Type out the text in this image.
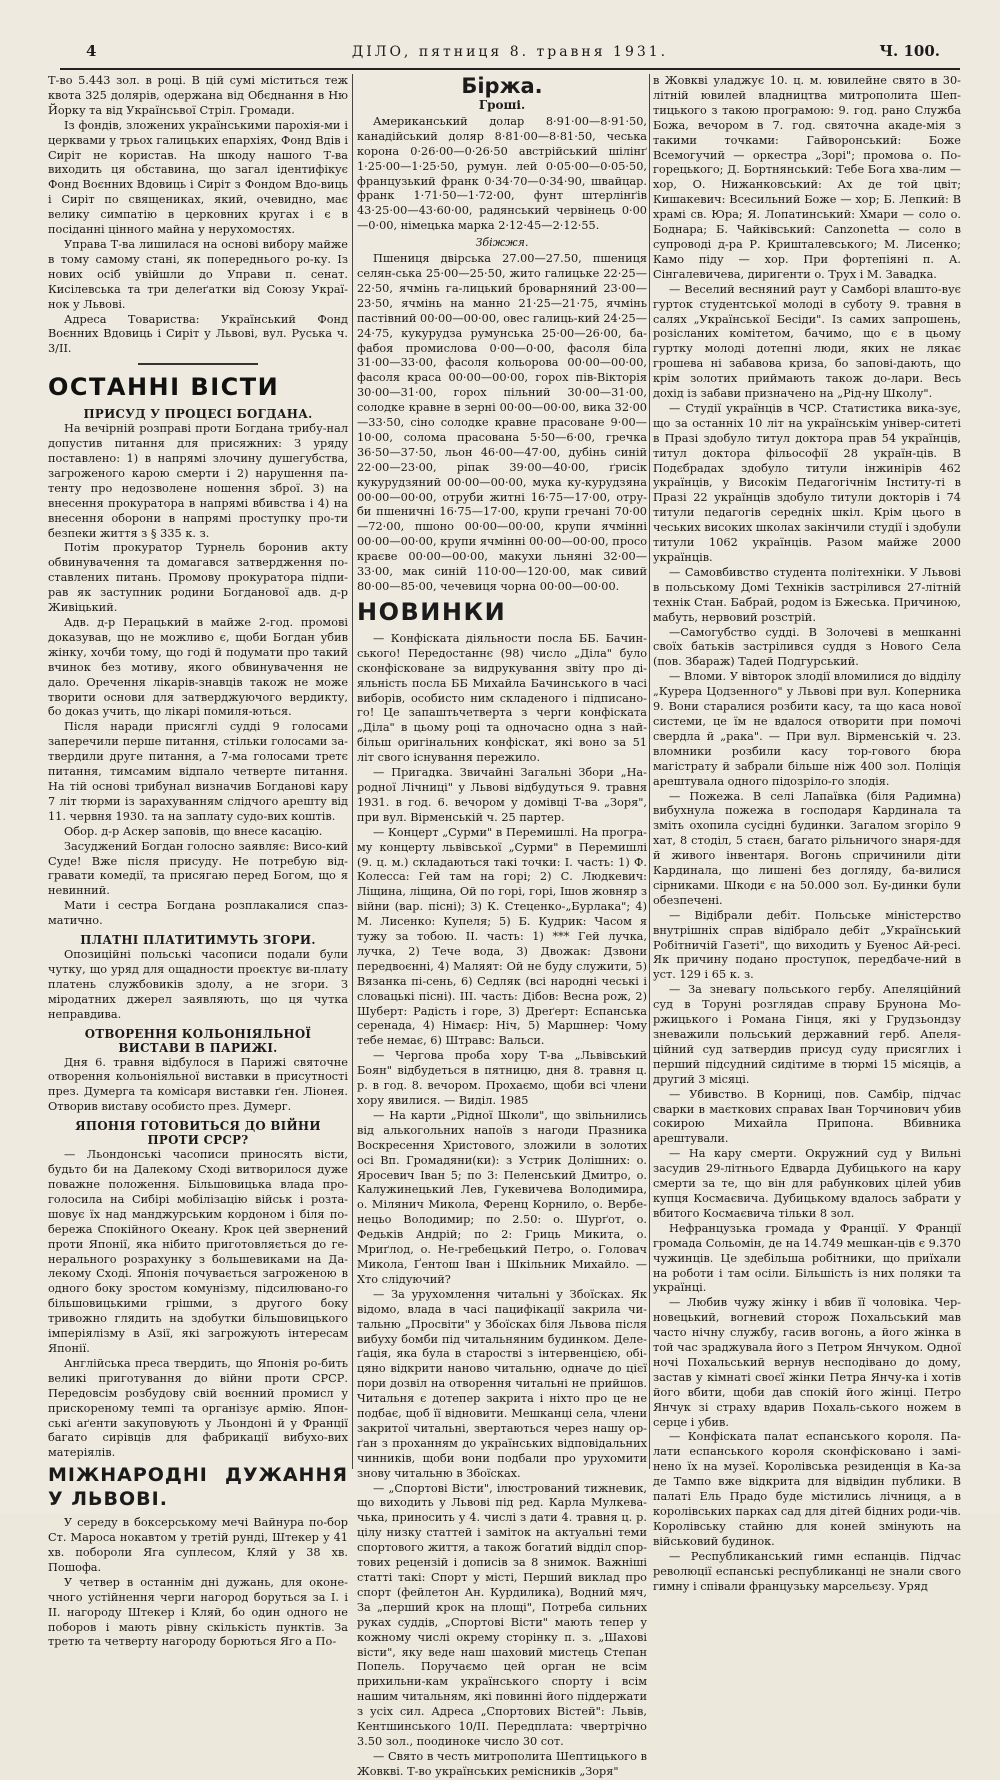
4	ДІЛО, пятниця 8. травня 1931.	Ч. 100.

Т-во 5.443 зол. в році. В цій сумі міститься теж квота 325 долярів, одержана від Обєднання в Ню Йорку та від Українсьвої Стріл. Громади.

Із фондів, зложених українськими парохія-ми і церквами у трьох галицьких епархіях, Фонд Вдів і Сиріт не користав. На шкоду нашого Т-ва виходить ця обставина, що загал ідентифікує Фонд Воєнних Вдовиць і Сиріт з Фондом Вдо-виць і Сиріт по священиках, який, очевидно, має велику симпатію в церковних кругах і є в посіданні цінного майна у нерухомостях.

Управа Т-ва лишилася на основі вибору майже в тому самому стані, як попереднього ро-ку. Із нових осіб увійшли до Управи п. сенат. Кисілевська та три делеґатки від Союзу Украї-нок у Львові.

Адреса Товариства: Український Фонд Воєнних Вдовиць і Сиріт у Львові, вул. Руська ч. 3/II.

ОСТАННІ ВІСТИ
ПРИСУД У ПРОЦЕСІ БОГДАНА.

На вечірній розправі проти Богдана трибу-нал допустив питання для присяжних: З уряду поставлено: 1) в напрямі злочину душегубства, загроженого карою смерти і 2) нарушення па-тенту про недозволене ношення зброї. 3) на внесення прокуратора в напрямі вбивства і 4) на внесення оборони в напрямі проступку про-ти безпеки життя з § 335 к. з.

Потім прокуратор Турнель боронив акту обвинувачення та домагався затвердження по-ставлених питань. Промову прокуратора підпи-рав як заступник родини Богданової адв. д-р Живіцький.

Адв. д-р Перацький в майже 2-год. промові доказував, що не можливо є, щоби Богдан убив жінку, хочби тому, що годі й подумати про такий вчинок без мотиву, якого обвинувачення не дало. Оречення лікарів-знавців також не може творити основи для затверджуючого вердикту, бо доказ учить, що лікарі помиля-ються.

Після наради присяглі судді 9 голосами заперечили перше питання, стільки голосами за-твердили друге питання, а 7-ма голосами третє питання, тимсамим відпало четверте питання. На тій основі трибунал визначив Богданові кару 7 літ тюрми із зарахуванням слідчого арешту від 11. червня 1930. та на заплату судо-вих коштів.

Обор. д-р Аскер заповів, що внесе касацію.

Засуджений Богдан голосно заявляє: Висо-кий Суде! Вже після присуду. Не потребую від-гравати комедії, та присягаю перед Богом, що я невинний.

Мати і сестра Богдана розплакалися спаз-матично.

ПЛАТНІ ПЛАТИТИМУТЬ ЗГОРИ.

Опозиційні польські часописи подали були чутку, що уряд для ощадности проєктує ви-плату платень службовиків здолу, а не згори. З міродатних джерел заявляють, що ця чутка неправдива.

ОТВОРЕННЯ КОЛЬОНІЯЛЬНОЇ ВИСТАВИ В ПАРИЖІ.

Дня 6. травня відбулося в Парижі святочне отворення кольоніяльної виставки в присутності през. Думерга та комісаря виставки ґен. Ліонея. Отворив виставу особисто през. Думерг.

ЯПОНІЯ ГОТОВИТЬСЯ ДО ВІЙНИ ПРОТИ СРСР?

— Льондонські часописи приносять вісти, будьто би на Далекому Сході витворилося дуже поважне положення. Більшовицька влада про-голосила на Сибірі мобілізацію військ і розта-шовує їх над манджурським кордоном і біля по-бережа Спокійного Океану. Крок цей звернений проти Японії, яка нібито приготовляється до ге-нерального розрахунку з большевиками на Да-лекому Сході. Японія почувається загроженою в одного боку зростом комунізму, підсилювано-го більшовицькими грішми, з другого боку тривожно глядить на здобутки більшовицького імперіялізму в Азії, які загрожують інтересам Японії.

Англійська преса твердить, що Японія ро-бить великі приготування до війни проти СРСР. Передовсім розбудову свій воєнний промисл у прискореному темпі та організує армію. Япон-ські аґенти закуповують у Льондоні й у Франції багато сирівців для фабрикації вибухо-вих матеріялів.

МІЖНАРОДНІ ДУЖАННЯ У ЛЬВОВІ.

У середу в боксерському мечі Вайнура по-бор Ст. Мароса нокавтом у третій рунді, Штекер у 41 хв. побороли Яга суплесом, Кляй у 38 хв. Пошофа.

У четвер в останнім дні дужань, для оконе-чного устійнення черги нагород боруться за I. і II. нагороду Штекер і Кляй, бо один одного не поборов і мають рівну скількість пунктів. За третю та четверту нагороду борються Яго а По-

Біржа.
Гроші.

Американський долар 8·91·00—8·91·50, канадійський доляр 8·81·00—8·81·50, чеська корона 0·26·00—0·26·50 австрійський шілінґ 1·25·00—1·25·50, румун. лей 0·05·00—0·05·50, французький франк 0·34·70—0·34·90, швайцар. франк 1·71·50—1·72·00, фунт штерлінґів 43·25·00—43·60·00, радянський червінець 0·00—0·00, німецька марка 2·12·45—2·12·55.

Збіжжя.

Пшениця двірська 27.00—27.50, пшениця селян-ська 25·00—25·50, жито галицьке 22·25—22·50, ячмінь га-лицький броварняний 23·00—23·50, ячмінь на манно 21·25—21·75, ячмінь пастівний 00·00—00·00, овес галиць-кий 24·25—24·75, кукурудза румунська 25·00—26·00, ба-фабоя промислова 0·00—0·00, фасоля біла 31·00—33·00, фасоля кольорова 00·00—00·00, фасоля краса 00·00—00·00, горох пів-Вікторія 30·00—31·00, горох пільний 30·00—31·00, солодке кравне в зерні 00·00—00·00, вика 32·00—33·50, сіно солодке кравне прасоване 9·00—10·00, солома прасована 5·50—6·00, гречка 36·50—37·50, льон 46·00—47·00, дубінь синій 22·00—23·00, ріпак 39·00—40·00, ґрисік кукурудзяний 00·00—00·00, мука ку-курудзяна 00·00—00·00, отруби житні 16·75—17·00, отру-би пшеничні 16·75—17·00, крупи гречані 70·00—72·00, пшоно 00·00—00·00, крупи ячмінні 00·00—00·00, крупи ячмінні 00·00—00·00, просо краєве 00·00—00·00, макухи льняні 32·00—33·00, мак синій 110·00—120·00, мак сивий 80·00—85·00, чечевиця чорна 00·00—00·00.

НОВИНКИ

— Конфіската діяльности посла ББ. Бачин-ського! Передостаннє (98) число „Діла" було сконфісковане за видрукування звіту про ді-яльність посла ББ Михайла Бачинського в часі виборів, особисто ним складеного і підписано-го! Це запаштьчетверта з черги конфіската „Діла" в цьому році та одночасно одна з най-більш оригінальних конфіскат, які воно за 51 літ свого існування пережило.

— Пригадка. Звичайні Загальні Збори „На-родної Лічниці" у Львові відбудуться 9. травня 1931. в год. 6. вечором у домівці Т-ва „Зоря", при вул. Вірменській ч. 25 партер.

— Концерт „Сурми" в Перемишлі. На програ-му концерту львівської „Сурми" в Перемишлі (9. ц. м.) складаються такі точки: І. часть: 1) Ф. Колесса: Гей там на горі; 2) С. Людкевич: Ліщина, ліщина, Ой по горі, горі, Ішов жовняр з війни (вар. пісні); 3) К. Стеценко-„Бурлака"; 4) М. Лисенко: Купеля; 5) Б. Кудрик: Часом я тужу за тобою. ІІ. часть: 1) *** Гей лучка, лучка, 2) Тече вода, 3) Двожак: Дзвони передвоєнні, 4) Маляят: Ой не буду служити, 5) Вязанка пі-сень, 6) Седляк (всі народні чеські і словацькі пісні). ІІІ. часть: Дібов: Весна рож, 2) Шуберт: Радість і горе, 3) Дреґерт: Еспанська серенада, 4) Німаєр: Ніч, 5) Маршнер: Чому тебе немає, 6) Штравс: Вальси.

— Чергова проба хору Т-ва „Львівський Боян" відбудеться в пятницю, дня 8. травня ц. р. в год. 8. вечором. Прохаємо, щоби всі члени хору явилися. — Виділ. 1985

— На карти „Рідної Школи", що звільнились від алькогольних напоїв з нагоди Празника Воскресення Христового, зложили в золотих осі Вп. Громадяни(ки): з Устрик Долішних: о. Яросевич Іван 5; по 3: Пеленський Дмитро, о. Калужинецький Лев, Гукевичева Володимира, о. Мілянич Микола, Ференц Корнило, о. Вербе-нецьо Володимир; по 2.50: о. Шурґот, о. Федьків Андрій; по 2: Гриць Микита, о. Мриґлод, о. Не-гребецький Петро, о. Головач Микола, Ґентош Іван і Шкільник Михайло. — Хто слідуючий?

— За урухомлення читальні у Збоїсках. Як відомо, влада в часі пацифікації закрила чи-тальню „Просвіти" у Збоїсках біля Львова після вибуху бомби під читальняним будинком. Деле-ґація, яка була в старостві з інтервенцією, обі-цяно відкрити наново читальню, одначе до цієї пори дозвіл на отворення читальні не прийшов. Читальня є дотепер закрита і ніхто про це не подбає, щоб її відновити. Мешканці села, члени закритої читальні, звертаються через нашу ор-ґан з проханням до українських відповідальних чинників, щоби вони подбали про урухомити знову читальню в Збоїсках.

— „Спортові Вісти", ілюстрований тижневик, що виходить у Львові під ред. Карла Мулкева-чька, приносить у 4. числі з дати 4. травня ц. р. цілу низку статтей і заміток на актуальні теми спортового життя, а також богатий відділ спор-тових рецензій і дописів за 8 знимок. Важніші статті такі: Спорт у місті, Перший виклад про спорт (фейлетон Ан. Курдилика), Водний мяч, За „перший крок на площі", Потреба сильних руках суддів, „Спортові Вісти" мають тепер у кожному числі окрему сторінку п. з. „Шахові вісти", яку веде наш шаховий мистець Степан Попель. Поручаємо цей орган не всім прихильни-кам українського спорту і всім нашим читальням, які повинні його піддержати з усіх сил. Адреса „Спортових Вістей": Львів, Кентшинського 10/II. Передплата: чвертрічно 3.50 зол., поодиноке число 30 сот.

— Свято в честь митрополита Шептицького в Жовкві. Т-во українських ремісників „Зоря"

в Жовкві уладжує 10. ц. м. ювилейне свято в 30-літній ювилей владництва митрополита Шеп-тицького з такою програмою: 9. год. рано Служба Божа, вечором в 7. год. святочна акаде-мія з такими точками: Гайворонський: Боже Всемогучий — оркестра „Зорі"; промова о. По-горецького; Д. Бортнянський: Тебе Бога хва-лим — хор, О. Нижанковський: Ах де той цвіт; Кишакевич: Всесильний Боже — хор; Б. Лепкий: В храмі св. Юра; Я. Лопатинський: Хмари — соло о. Боднара; Б. Чайківський: Canzonetta — соло в супроводі д-ра Р. Кришталевського; М. Лисенко; Камо піду — хор. При фортепіяні п. А. Сінгалевичева, диригенти о. Трух і М. Завадка.

— Веселий весняний раут у Самборі влашто-вує гурток студентської молоді в суботу 9. травня в салях „Української Бесіди". Із самих запрошень, розісланих комітетом, бачимо, що є в цьому гуртку молоді дотепні люди, яких не лякає грошева ні забавова криза, бо запові-дають, що крім золотих приймають також до-лари. Весь дохід із забави призначено на „Рід-ну Школу".

— Студії українців в ЧСР. Статистика вика-зує, що за останніх 10 літ на українськім універ-ситеті в Празі здобуло титул доктора прав 54 українців, титул доктора фільософії 28 україн-ців. В Подєбрадах здобуло титули інжинірів 462 українців, у Високім Педагогічнім Інститу-ті в Празі 22 українців здобуло титули докторів і 74 титули педагогів середніх шкіл. Крім цього в чеських високих школах закінчили студії і здобули титули 1062 українців. Разом майже 2000 українців.

— Самовбивство студента політехніки. У Львові в польському Домі Техніків застрілився 27-літній технік Стан. Бабрай, родом із Бжеська. Причиною, мабуть, нервовий розстрій.

—Самогубство судді. В Золочеві в мешканні своїх батьків застрілився суддя з Нового Села (пов. Збараж) Тадей Подгурський.

— Вломи. У вівторок злодії вломилися до відділу „Курера Цодзенного" у Львові при вул. Коперника 9. Вони старалися розбити касу, та що каса нової системи, це їм не вдалося отворити при помочі свердла й „рака". — При вул. Вірменській ч. 23. вломники розбили касу тор-гового бюра магістрату й забрали більше ніж 400 зол. Поліція арештувала одного підозріло-го злодія.

— Пожежа. В селі Лапаївка (біля Радимна) вибухнула пожежа в господаря Кардинала та зміть охопила сусідні будинки. Загалом згоріло 9 хат, 8 стоділ, 5 стаєн, багато рільничого знаря-ддя й живого інвентаря. Вогонь спричинили діти Кардинала, що лишені без догляду, ба-вилися сірниками. Шкоди є на 50.000 зол. Бу-динки були обезпечені.

— Відібрали дебіт. Польське міністерство внутрішніх справ відібрало дебіт „Український Робітничій Газеті", що виходить у Буенос Ай-ресі. Як причину подано проступок, передбаче-ний в уст. 129 і 65 к. з.

— За зневагу польського гербу. Апеляційний суд в Торуні розглядав справу Брунона Мо-ржицького і Романа Гінця, які у Грудзьондзу зневажили польський державний герб. Апеля-ційний суд затвердив присуд суду присяглих і перший підсудний сидітиме в тюрмі 15 місяців, а другий 3 місяці.

— Убивство. В Корниці, пов. Самбір, підчас сварки в маєткових справах Іван Торчинович убив сокирою Михайла Припона. Вбивника арештували.

— На кару смерти. Окружний суд у Вильні засудив 29-літнього Едварда Дубицького на кару смерти за те, що він для рабункових цілей убив купця Космаєвича. Дубицькому вдалось забрати у вбитого Космаєвича тільки 8 зол.

Нефранцузька громада у Франції. У Франції громада Сольомін, де на 14.749 мешкан-ців є 9.370 чужинців. Це здебільша робітники, що приїхали на роботи і там осіли. Більшість із них поляки та українці.

— Любив чужу жінку і вбив її чоловіка. Чер-новецький, вогневий сторож Похальський мав часто нічну службу, гасив вогонь, а його жінка в той час зраджувала його з Петром Янчуком. Одної ночі Похальський вернув несподівано до дому, застав у кімнаті своєї жінки Петра Янчу-ка і хотів його вбити, щоби дав спокій його жінці. Петро Янчук зі страху вдарив Похаль-ського ножем в серце і убив.

— Конфіската палат еспанського короля. Па-лати еспанського короля сконфісковано і замі-нено їх на музеї. Королівська резиденція в Ка-за де Тампо вже відкрита для відвідин публики. В палаті Ель Прадо буде містились лічниця, а в королівських парках сад для дітей бідних роди-чів. Королівську стайню для коней змінують на військовий будинок.

— Республиканський гимн еспанців. Підчас революції еспанські республиканці не знали свого гимну і співали французьку марсельєзу. Уряд
